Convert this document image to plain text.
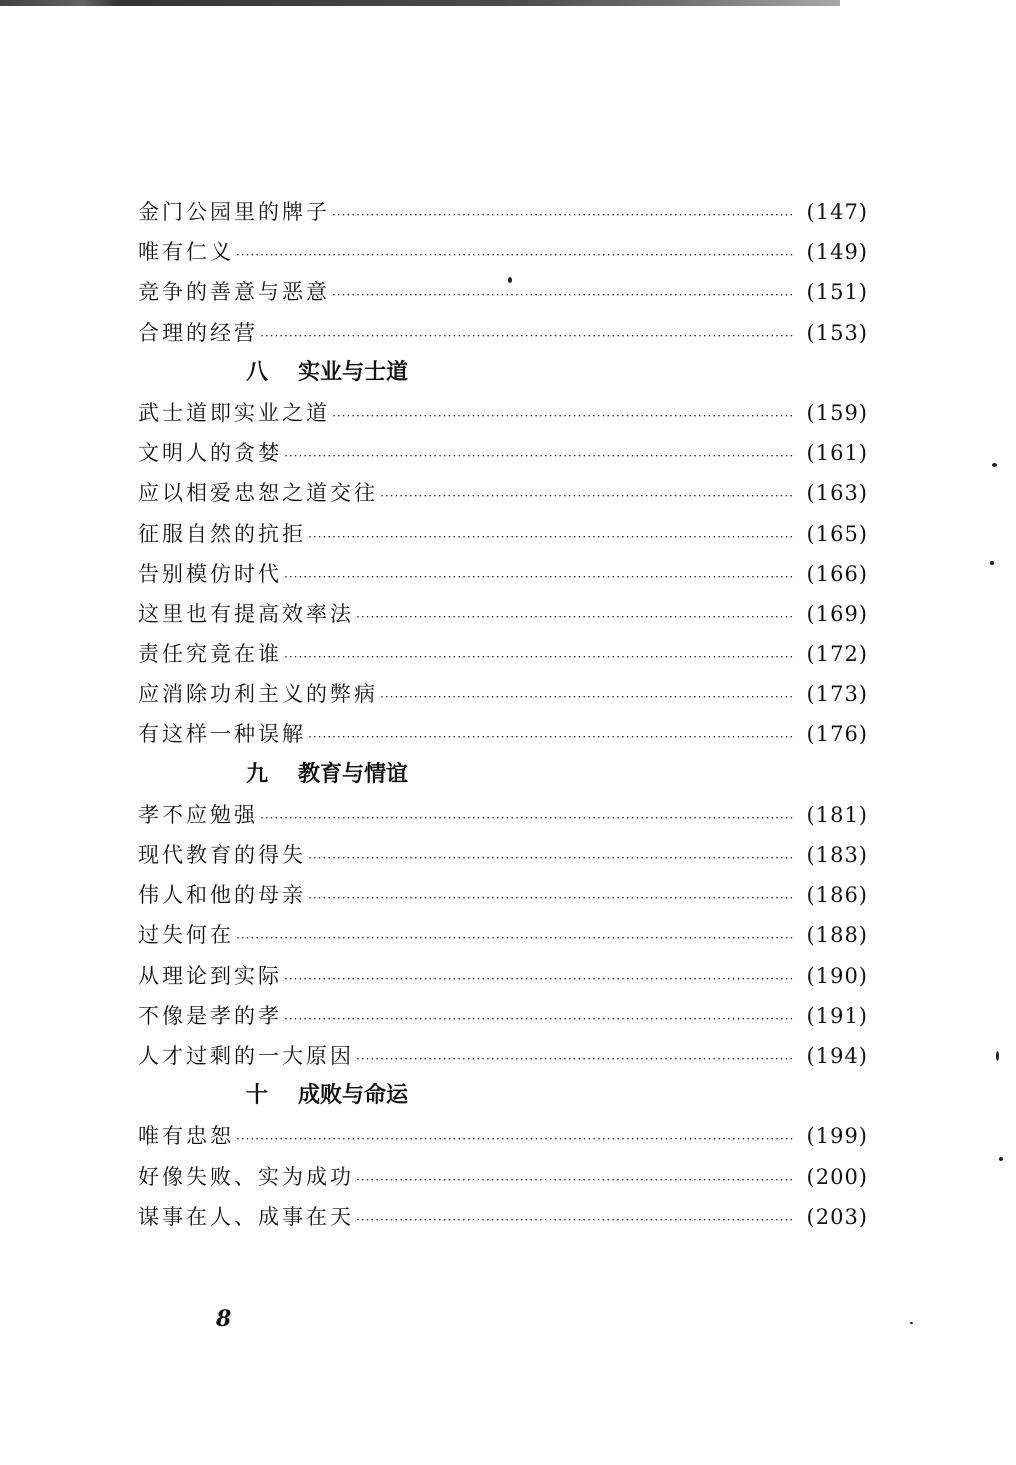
金门公园里的牌子 ·····	(147)
唯有仁义 ·····	(149)
竞争的善意与恶意 ·····	(151)
合理的经营 ·····	(153)
八 实业与士道
武士道即实业之道 ·····	(159)
文明人的贪婪 ·····	(161)
应以相爱忠恕之道交往 ·····	(163)
征服自然的抗拒 ·····	(165)
告别模仿时代 ·····	(166)
这里也有提高效率法 ·····	(169)
责任究竟在谁 ·····	(172)
应消除功利主义的弊病 ·····	(173)
有这样一种误解 ·····	(176)
九 教育与情谊
孝不应勉强 ·····	(181)
现代教育的得失 ·····	(183)
伟人和他的母亲 ·····	(186)
过失何在 ·····	(188)
从理论到实际 ·····	(190)
不像是孝的孝 ·····	(191)
人才过剩的一大原因 ·····	(194)
十 成败与命运
唯有忠恕 ·····	(199)
好像失败、实为成功 ·····	(200)
谋事在人、成事在天 ·····	(203)
8
